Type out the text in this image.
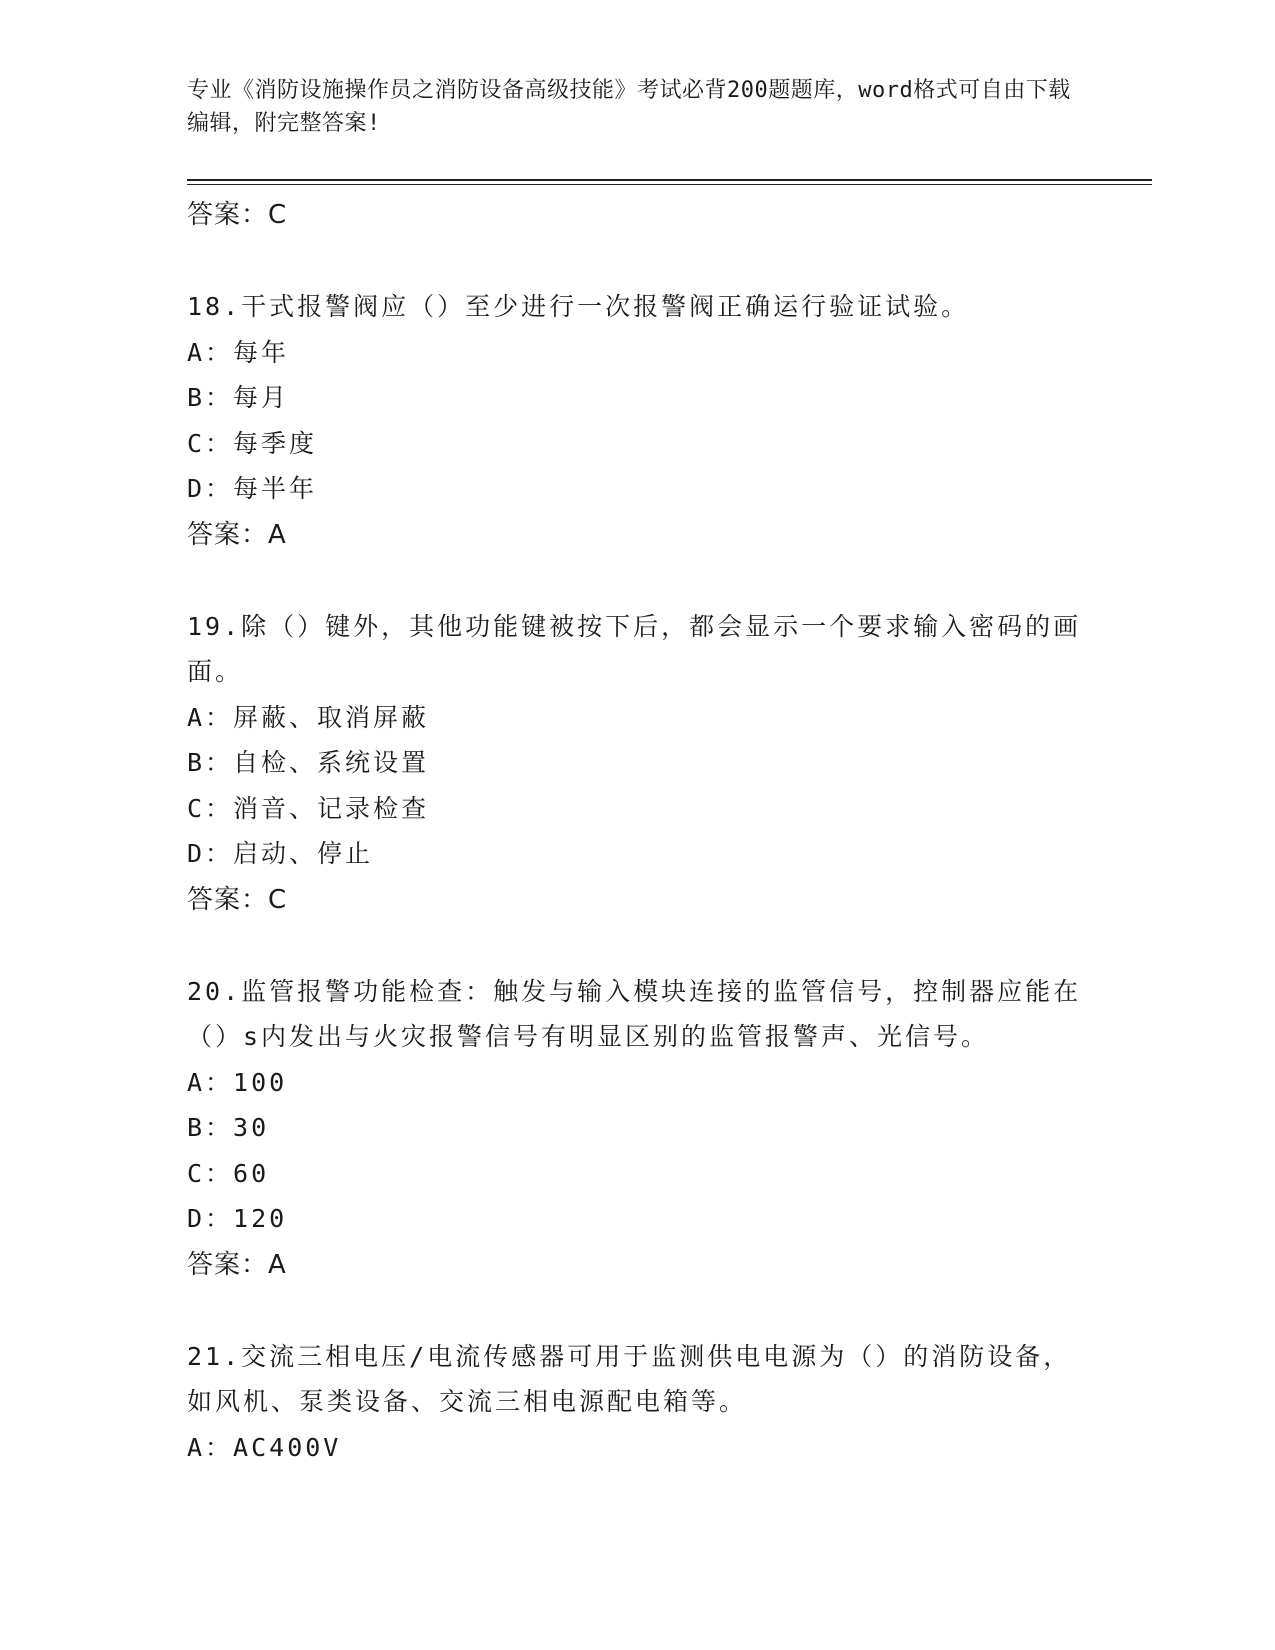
专业《消防设施操作员之消防设备高级技能》考试必背200题题库，word格式可自由下载编辑，附完整答案!
答案：C
18.干式报警阀应（）至少进行一次报警阀正确运行验证试验。
A：每年
B：每月
C：每季度
D：每半年
答案：A
19.除（）键外，其他功能键被按下后，都会显示一个要求输入密码的画面。
A：屏蔽、取消屏蔽
B：自检、系统设置
C：消音、记录检查
D：启动、停止
答案：C
20.监管报警功能检查：触发与输入模块连接的监管信号，控制器应能在（）s内发出与火灾报警信号有明显区别的监管报警声、光信号。
A：100
B：30
C：60
D：120
答案：A
21.交流三相电压/电流传感器可用于监测供电电源为（）的消防设备，如风机、泵类设备、交流三相电源配电箱等。
A：AC400V
